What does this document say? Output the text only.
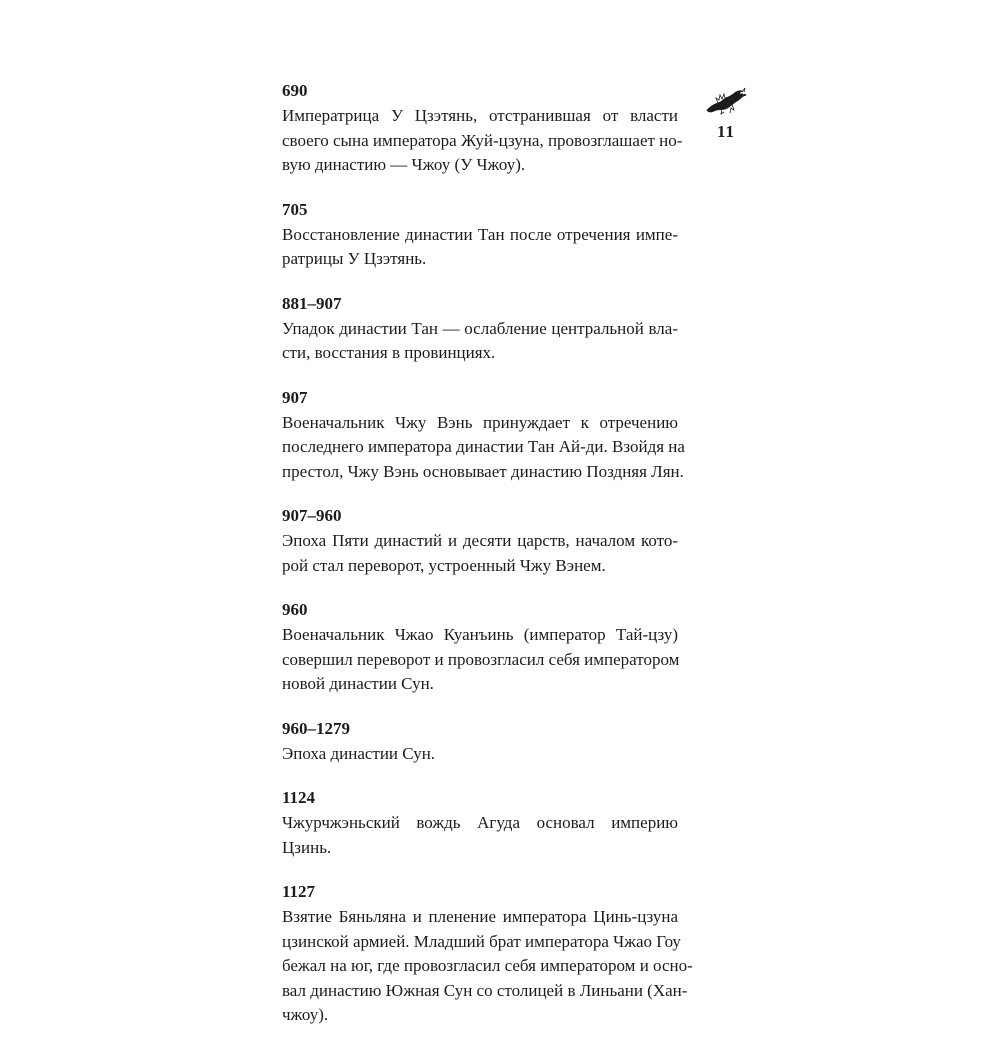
11
690
Императрица У Цзэтянь, отстранившая от власти
своего сына императора Жуй-цзуна, провозглашает но-
вую династию — Чжоу (У Чжоу).
705
Восстановление династии Тан после отречения импе-
ратрицы У Цзэтянь.
881–907
Упадок династии Тан — ослабление центральной вла-
сти, восстания в провинциях.
907
Военачальник Чжу Вэнь принуждает к отречению
последнего императора династии Тан Ай-ди. Взойдя на
престол, Чжу Вэнь основывает династию Поздняя Лян.
907–960
Эпоха Пяти династий и десяти царств, началом кото-
рой стал переворот, устроенный Чжу Вэнем.
960
Военачальник Чжао Куанъинь (император Тай-цзу)
совершил переворот и провозгласил себя императором
новой династии Сун.
960–1279
Эпоха династии Сун.
1124
Чжурчжэньский вождь Агуда основал империю
Цзинь.
1127
Взятие Бяньляна и пленение императора Цинь-цзуна
цзинской армией. Младший брат императора Чжао Гоу
бежал на юг, где провозгласил себя императором и осно-
вал династию Южная Сун со столицей в Линьани (Хан-
чжоу).
